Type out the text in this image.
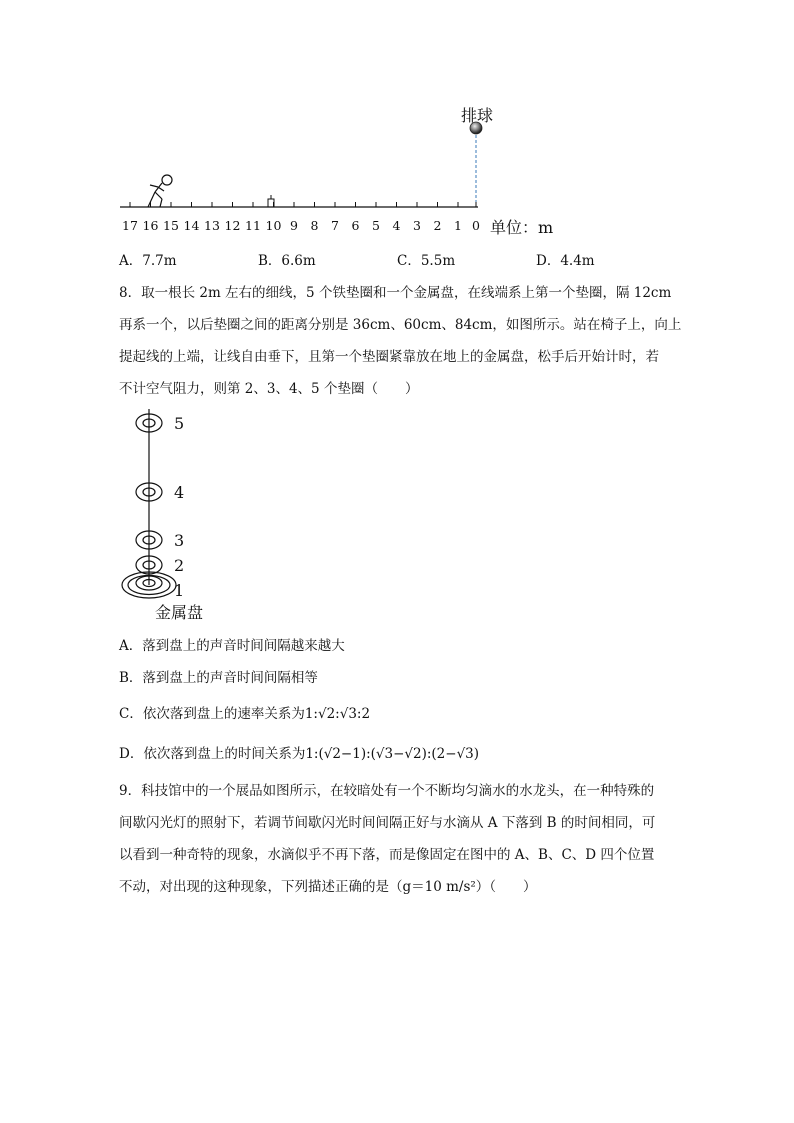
17 16 15 14 13 12 11 10 9 8 7 6 5 4 3 2 1 0
排球
单位：m
A．7.7m	B．6.6m	C．5.5m	D．4.4m
8．取一根长 2m 左右的细线，5 个铁垫圈和一个金属盘，在线端系上第一个垫圈，隔 12cm
再系一个，以后垫圈之间的距离分别是 36cm、60cm、84cm，如图所示。站在椅子上，向上
提起线的上端，让线自由垂下，且第一个垫圈紧靠放在地上的金属盘，松手后开始计时，若
不计空气阻力，则第 2、3、4、5 个垫圈（　　）
5
4
3
2
1
金属盘
A．落到盘上的声音时间间隔越来越大
B．落到盘上的声音时间间隔相等
C．依次落到盘上的速率关系为1:√2:√3:2
D．依次落到盘上的时间关系为1:(√2−1):(√3−√2):(2−√3)
9．科技馆中的一个展品如图所示，在较暗处有一个不断均匀滴水的水龙头，在一种特殊的
间歇闪光灯的照射下，若调节间歇闪光时间间隔正好与水滴从 A 下落到 B 的时间相同，可
以看到一种奇特的现象，水滴似乎不再下落，而是像固定在图中的 A、B、C、D 四个位置
不动，对出现的这种现象，下列描述正确的是（g＝10 m/s²）（　　）
